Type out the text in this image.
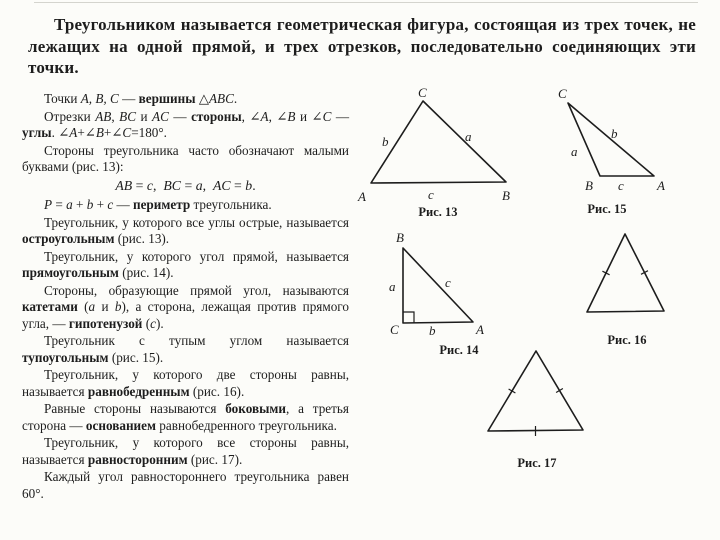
Треугольником называется геометрическая фигура, состоящая из трех точек, не лежащих на одной прямой, и трех отрезков, последовательно соединяющих эти точки.

Точки A, B, C — вершины △ABC.

Отрезки AB, BC и AC — стороны, ∠A, ∠B и ∠C — углы. ∠A+∠B+∠C=180°.

Стороны треугольника часто обозначают малыми буквами (рис. 13):

AB = c,  BC = a,  AC = b.

P = a + b + c — периметр треугольника.

Треугольник, у которого все углы острые, называется остроугольным (рис. 13).

Треугольник, у которого угол прямой, называется прямоугольным (рис. 14).

Стороны, образующие прямой угол, называются катетами (a и b), а сторона, лежащая против прямого угла, — гипотенузой (c).

Треугольник с тупым углом называется тупоугольным (рис. 15).

Треугольник, у которого две стороны равны, называется равнобедренным (рис. 16).

Равные стороны называются боковыми, а третья сторона — основанием равнобедренного треугольника.

Треугольник, у которого все стороны равны, называется равносторонним (рис. 17).

Каждый угол равностороннего треугольника равен 60°.

C
A	B
b	a
c
Рис. 13
C
B	A
a
b
c
Рис. 15
B
C	A
a	c
b
Рис. 14
Рис. 16
Рис. 17
